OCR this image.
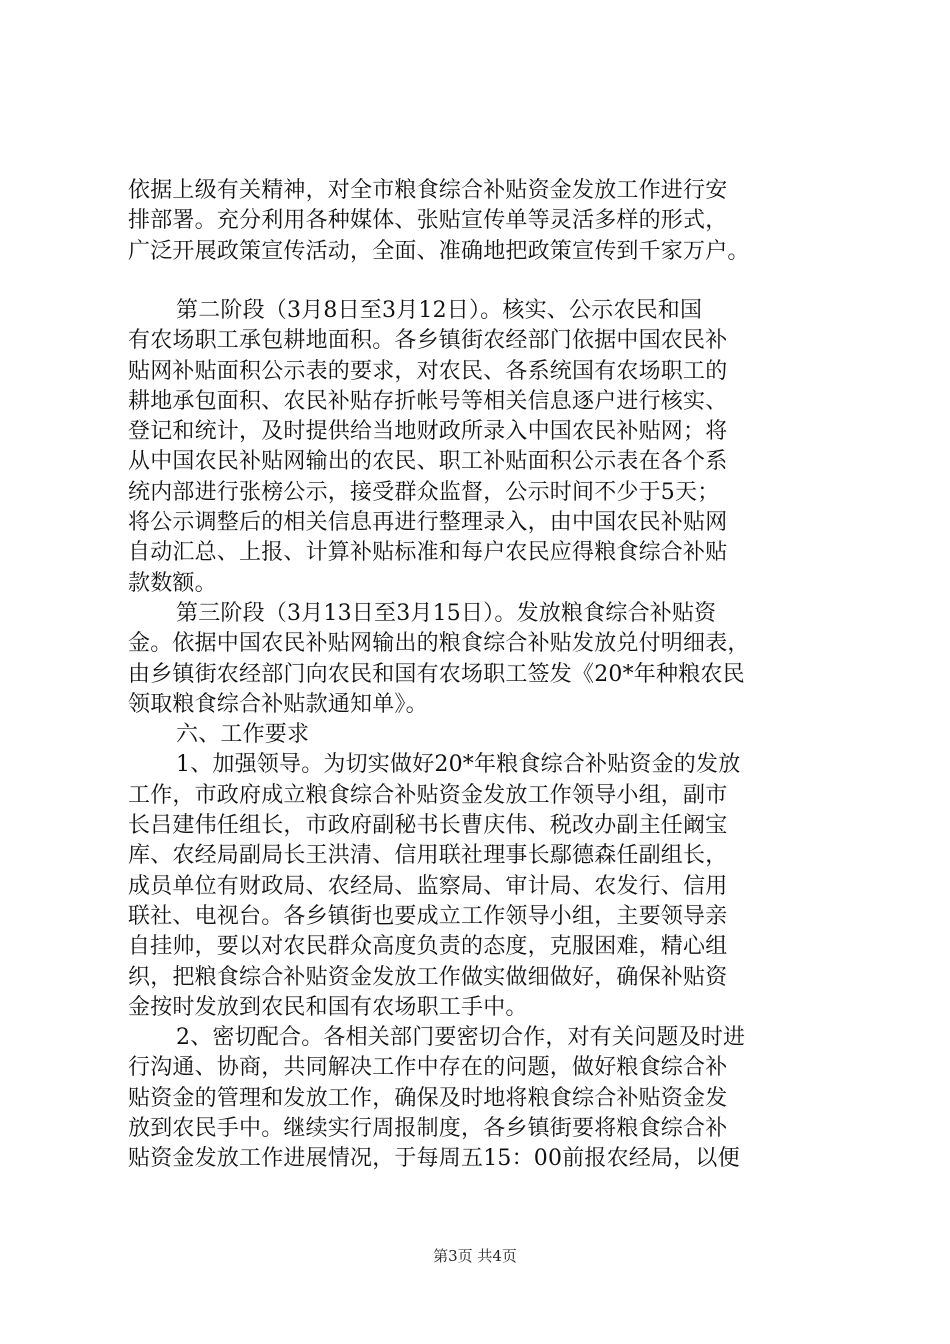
依据上级有关精神，对全市粮食综合补贴资金发放工作进行安
排部署。充分利用各种媒体、张贴宣传单等灵活多样的形式，
广泛开展政策宣传活动，全面、准确地把政策宣传到千家万户。
第二阶段（3月8日至3月12日）。核实、公示农民和国
有农场职工承包耕地面积。各乡镇街农经部门依据中国农民补
贴网补贴面积公示表的要求，对农民、各系统国有农场职工的
耕地承包面积、农民补贴存折帐号等相关信息逐户进行核实、
登记和统计，及时提供给当地财政所录入中国农民补贴网；将
从中国农民补贴网输出的农民、职工补贴面积公示表在各个系
统内部进行张榜公示，接受群众监督，公示时间不少于5天；
将公示调整后的相关信息再进行整理录入，由中国农民补贴网
自动汇总、上报、计算补贴标准和每户农民应得粮食综合补贴
款数额。
第三阶段（3月13日至3月15日）。发放粮食综合补贴资
金。依据中国农民补贴网输出的粮食综合补贴发放兑付明细表，
由乡镇街农经部门向农民和国有农场职工签发《20*年种粮农民
领取粮食综合补贴款通知单》。
六、工作要求
1、加强领导。为切实做好20*年粮食综合补贴资金的发放
工作，市政府成立粮食综合补贴资金发放工作领导小组，副市
长吕建伟任组长，市政府副秘书长曹庆伟、税改办副主任阚宝
库、农经局副局长王洪清、信用联社理事长鄢德森任副组长，
成员单位有财政局、农经局、监察局、审计局、农发行、信用
联社、电视台。各乡镇街也要成立工作领导小组，主要领导亲
自挂帅，要以对农民群众高度负责的态度，克服困难，精心组
织，把粮食综合补贴资金发放工作做实做细做好，确保补贴资
金按时发放到农民和国有农场职工手中。
2、密切配合。各相关部门要密切合作，对有关问题及时进
行沟通、协商，共同解决工作中存在的问题，做好粮食综合补
贴资金的管理和发放工作，确保及时地将粮食综合补贴资金发
放到农民手中。继续实行周报制度，各乡镇街要将粮食综合补
贴资金发放工作进展情况，于每周五15：00前报农经局，以便
第3页 共4页
